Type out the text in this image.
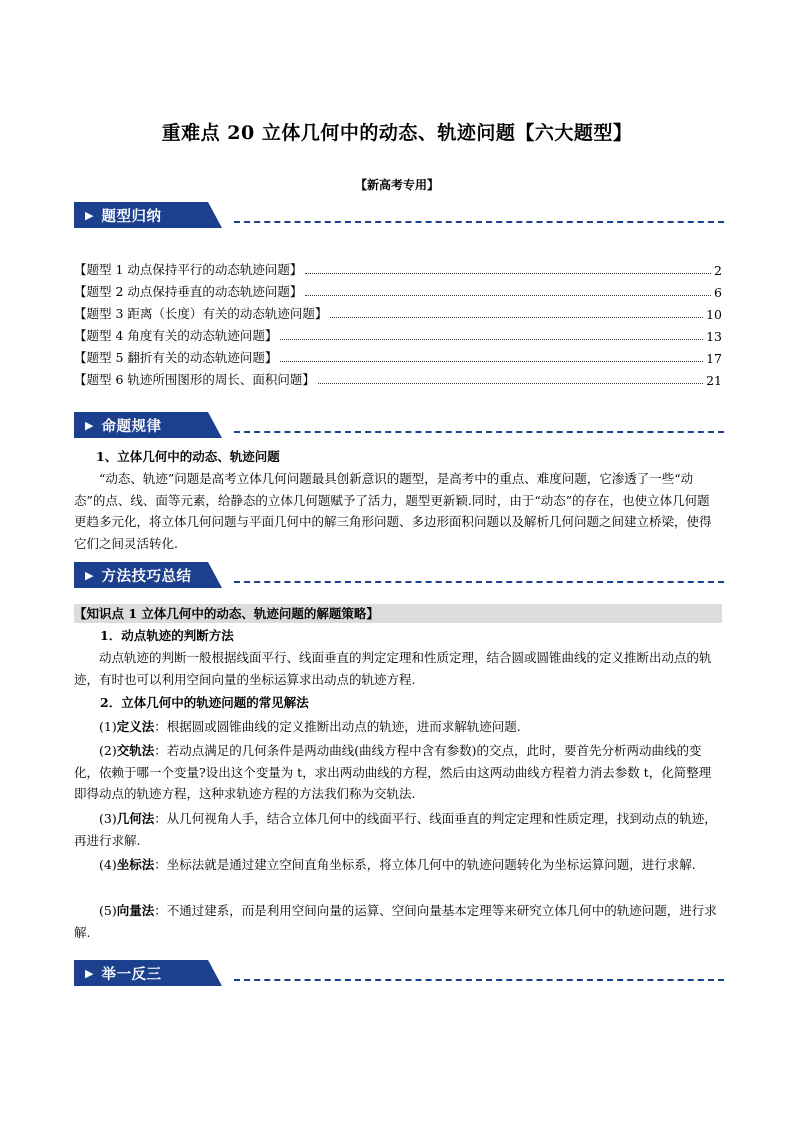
重难点 20 立体几何中的动态、轨迹问题【六大题型】
【新高考专用】
▶ 题型归纳
【题型 1 动点保持平行的动态轨迹问题】	2
【题型 2 动点保持垂直的动态轨迹问题】	6
【题型 3 距离（长度）有关的动态轨迹问题】	10
【题型 4 角度有关的动态轨迹问题】	13
【题型 5 翻折有关的动态轨迹问题】	17
【题型 6 轨迹所围图形的周长、面积问题】	21
▶ 命题规律
1、立体几何中的动态、轨迹问题
“动态、轨迹”问题是高考立体几何问题最具创新意识的题型，是高考中的重点、难度问题，它渗透了一些“动态”的点、线、面等元素，给静态的立体几何题赋予了活力，题型更新颖.同时，由于“动态”的存在，也使立体几何题更趋多元化，将立体几何问题与平面几何中的解三角形问题、多边形面积问题以及解析几何问题之间建立桥梁，使得它们之间灵活转化.
▶ 方法技巧总结
【知识点 1 立体几何中的动态、轨迹问题的解题策略】
1．动点轨迹的判断方法
动点轨迹的判断一般根据线面平行、线面垂直的判定定理和性质定理，结合圆或圆锥曲线的定义推断出动点的轨迹，有时也可以利用空间向量的坐标运算求出动点的轨迹方程.
2．立体几何中的轨迹问题的常见解法
(1)定义法：根据圆或圆锥曲线的定义推断出动点的轨迹，进而求解轨迹问题.
(2)交轨法：若动点满足的几何条件是两动曲线(曲线方程中含有参数)的交点，此时，要首先分析两动曲线的变化，依赖于哪一个变量?设出这个变量为 t，求出两动曲线的方程，然后由这两动曲线方程着力消去参数 t，化简整理即得动点的轨迹方程，这种求轨迹方程的方法我们称为交轨法.
(3)几何法：从几何视角人手，结合立体几何中的线面平行、线面垂直的判定定理和性质定理，找到动点的轨迹，再进行求解.
(4)坐标法：坐标法就是通过建立空间直角坐标系，将立体几何中的轨迹问题转化为坐标运算问题，进行求解.
(5)向量法：不通过建系，而是利用空间向量的运算、空间向量基本定理等来研究立体几何中的轨迹问题，进行求解.
▶ 举一反三
